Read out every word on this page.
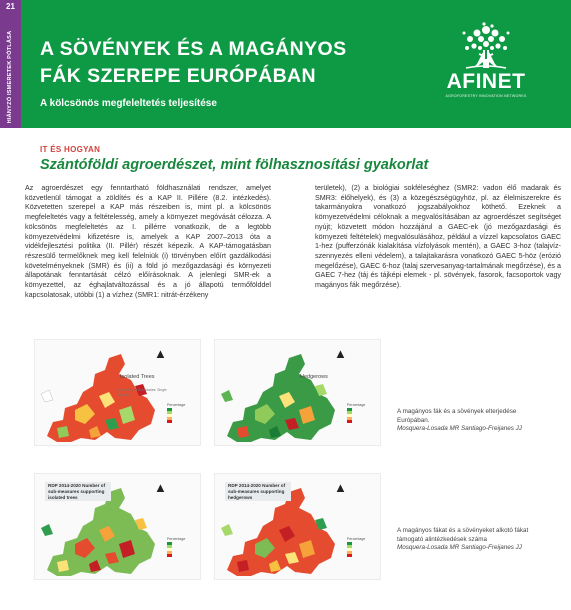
21
HIÁNYZÓ ISMERETEK PÓTLÁSA A SÖVÉNYEK ÉS A MAGÁNYOS
FÁK SZEREPE EURÓPÁBAN
A kölcsönös megfeleltetés teljesítése
AFINET
AGROFORESTRY INNOVATION NETWORKS
IT ÉS HOGYAN
Szántóföldi agroerdészet, mint fölhasznosítási gyakorlat

Az agroerdészet egy fenntartható földhasználati rendszer, amelyet közvetlenül támogat a zöldítés és a KAP II. Pillére (8.2. intézkedés). Közvetetten szerepel a KAP más részeiben is, mint pl. a kölcsönös megfeleltetés vagy a feltételesség, amely a környezet megóvását célozza. A kölcsönös megfeleltetés az I. pillérre vonatkozik, de a legtöbb környezetvédelmi kifizetésre is, amelyek a KAP 2007–2013 óta a vidékfejlesztési politika (II. Pillér) részét képezik. A KAP-támogatásban részesülő termelőknek meg kell felelniük (i) törvényben előírt gazdálkodási követelményeknek (SMR) és (ii) a föld jó mezőgazdasági és környezeti állapotának fenntartását célzó előírásoknak. A jelenlegi SMR-ek a környezettel, az éghajlatváltozással és a jó állapotú termőfölddel kapcsolatosak, utóbbi (1) a vízhez (SMR1: nitrát-érzékeny

területek), (2) a biológiai sokféleséghez (SMR2: vadon élő madarak és SMR3: élőhelyek), és (3) a közegészségügyhöz, pl. az élelmiszerekre és takarmányokra vonatkozó jogszabályokhoz köthető. Ezeknek a környezetvédelmi céloknak a megvalósításában az agroerdészet segítséget nyújt; közvetett módon hozzájárul a GAEC-ek (jó mezőgazdasági és környezeti feltételek) megvalósulásához, például a vízzel kapcsolatos GAEC 1-hez (pufferzónák kialakítása vízfolyások mentén), a GAEC 3-hoz (talajvíz-szennyezés elleni védelem), a talajtakarásra vonatkozó GAEC 5-höz (erózió megelőzése), GAEC 6-hoz (talaj szervesanyag-tartalmának megőrzése), és a GAEC 7-hez (táj és tájképi elemek - pl. sövények, fasorok, facsoportok vagy magányos fák megőrzése).

Isolated Trees
▲
Eurostat, EU Boundaries: Single Habitat
Percentage
Hedgerows
▲
Percentage

A magányos fák és a sövények elterjedése Európában.
Mosquera-Losada MR Santiago-Freijanes JJ

RDP 2014-2020 Number of sub-measures supporting isolated trees
▲
Percentage
RDP 2014-2020 Number of sub-measures supporting hedgerows
▲
Percentage

A magányos fákat és a sövényeket alkotó fákat támogató alintézkedések száma
Mosquera-Losada MR Santiago-Freijanes JJ
